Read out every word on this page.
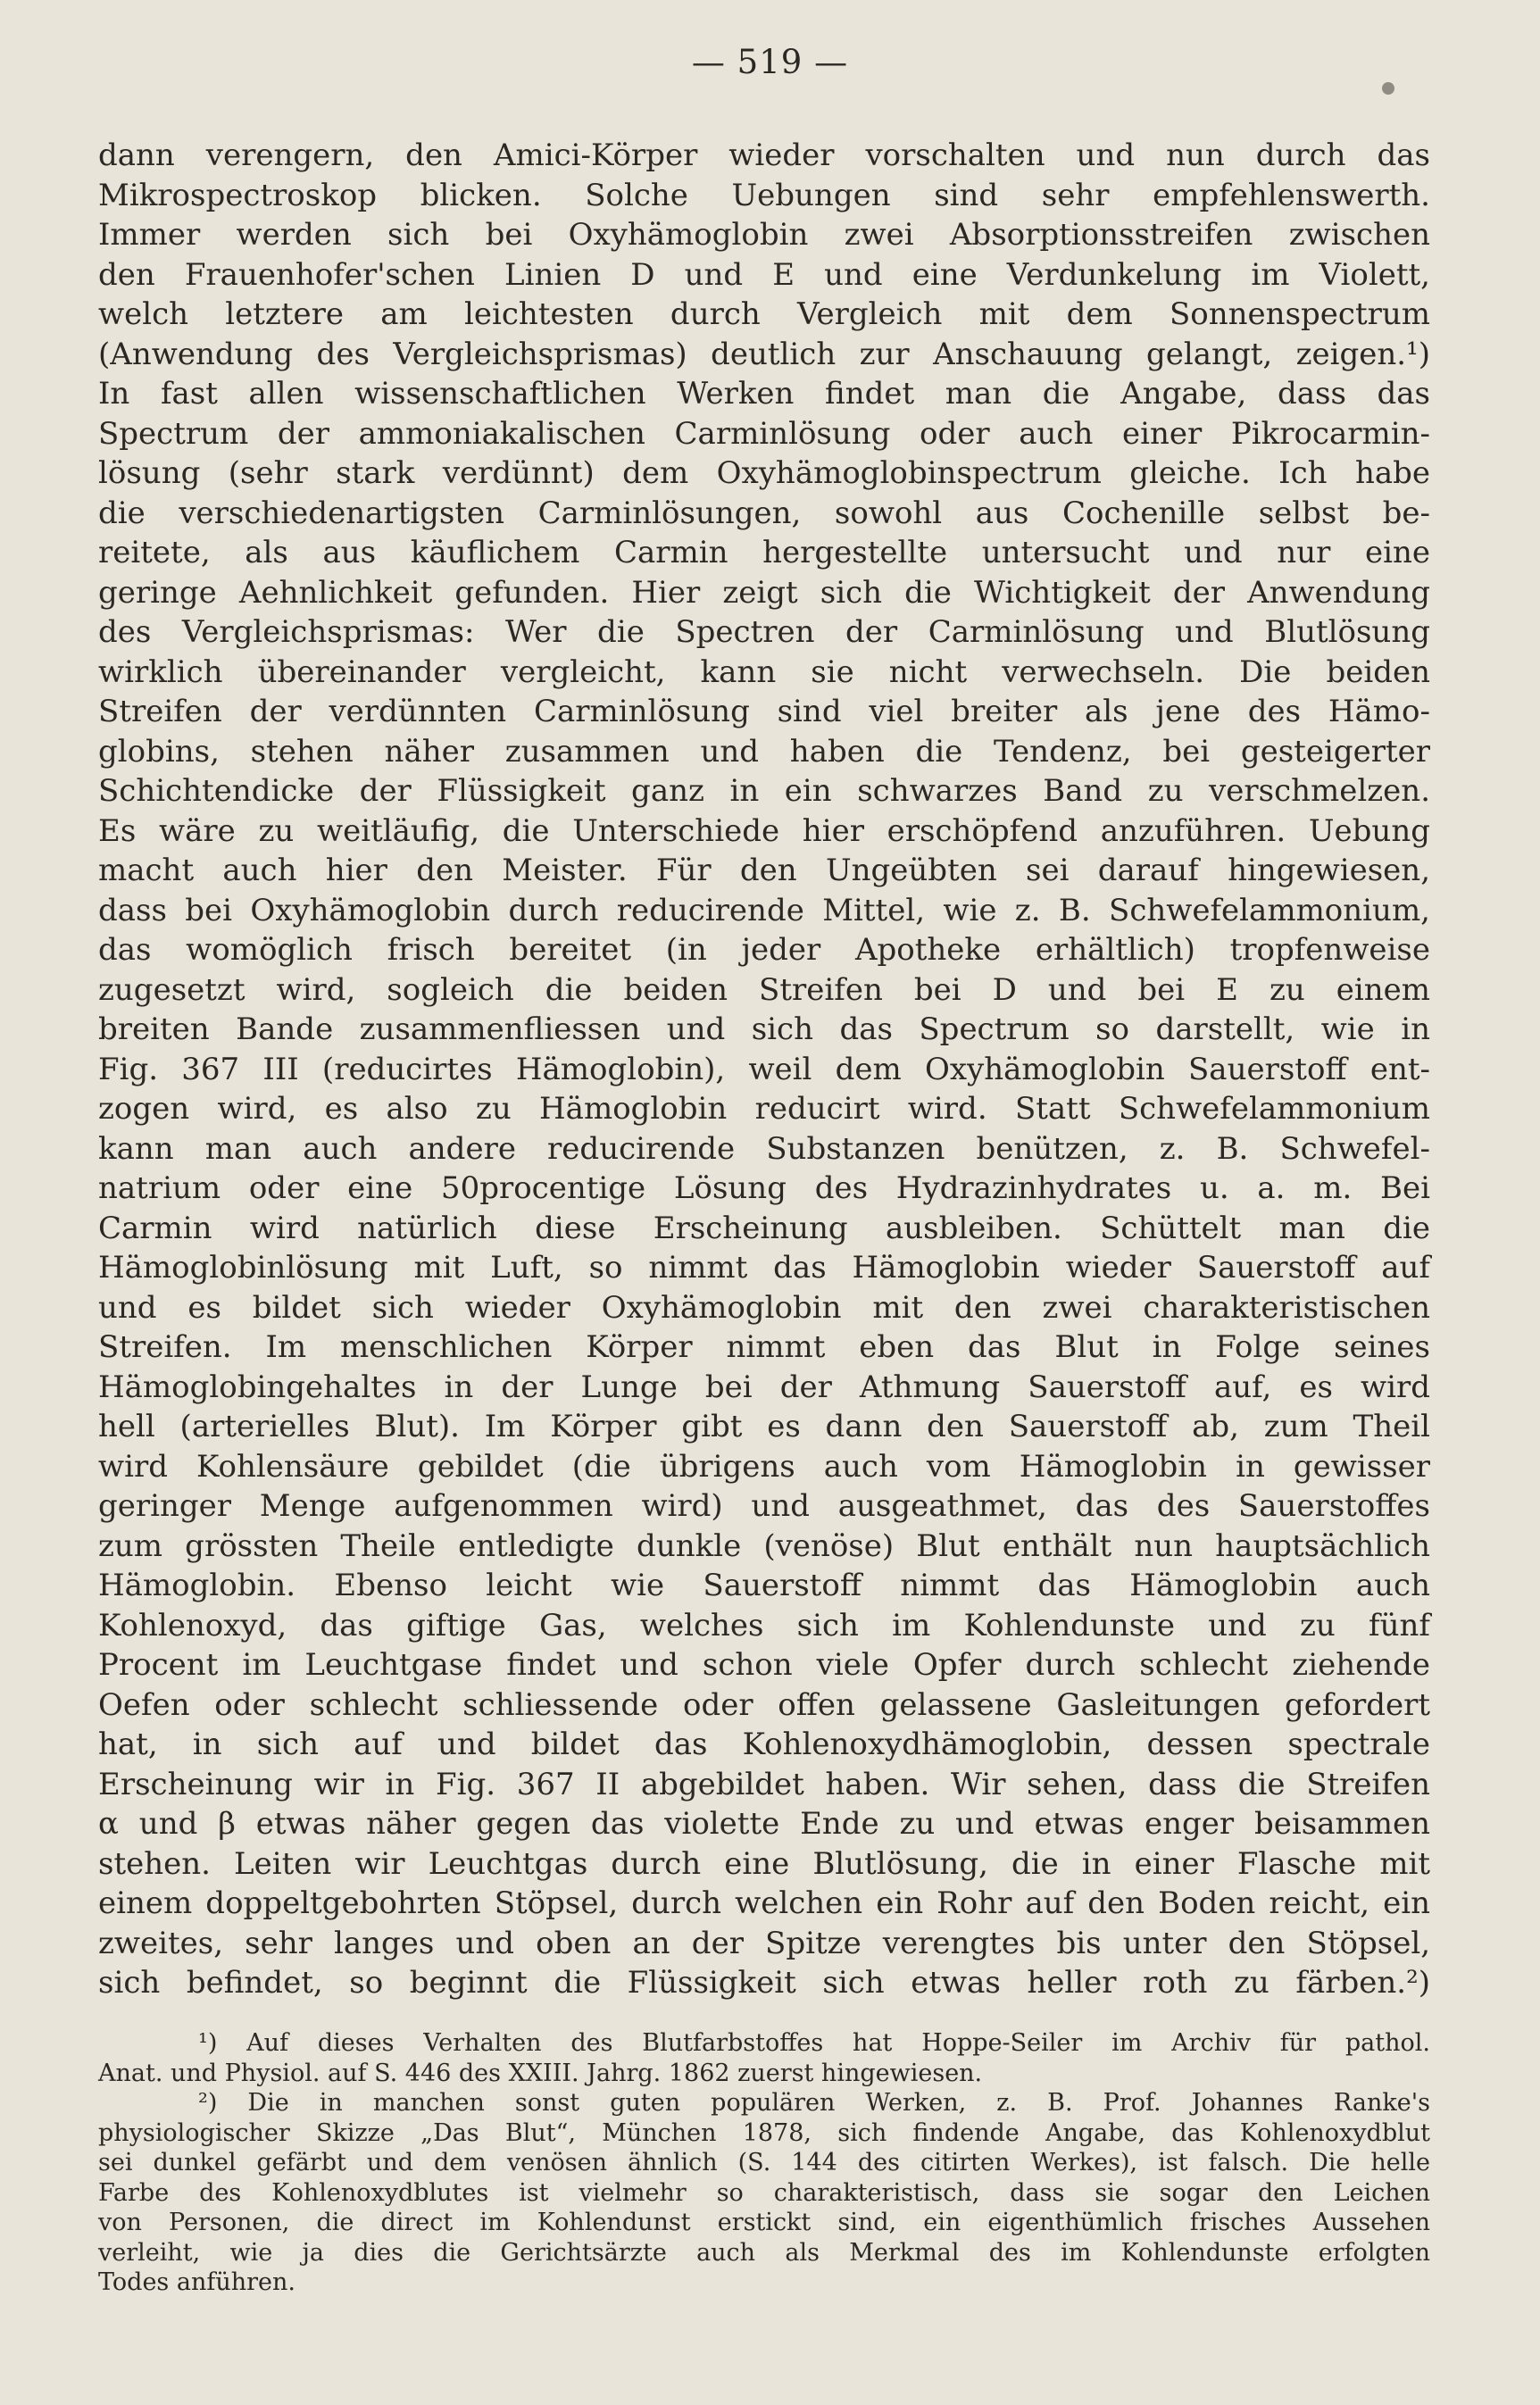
— 519 —
dann verengern, den Amici-Körper wieder vorschalten und nun durch das
Mikrospectroskop blicken. Solche Uebungen sind sehr empfehlenswerth.
Immer werden sich bei Oxyhämoglobin zwei Absorptionsstreifen zwischen
den Frauenhofer'schen Linien D und E und eine Verdunkelung im Violett,
welch letztere am leichtesten durch Vergleich mit dem Sonnenspectrum
(Anwendung des Vergleichsprismas) deutlich zur Anschauung gelangt, zeigen.¹)
In fast allen wissenschaftlichen Werken findet man die Angabe, dass das
Spectrum der ammoniakalischen Carminlösung oder auch einer Pikrocarmin-
lösung (sehr stark verdünnt) dem Oxyhämoglobinspectrum gleiche. Ich habe
die verschiedenartigsten Carminlösungen, sowohl aus Cochenille selbst be-
reitete, als aus käuflichem Carmin hergestellte untersucht und nur eine
geringe Aehnlichkeit gefunden. Hier zeigt sich die Wichtigkeit der Anwendung
des Vergleichsprismas: Wer die Spectren der Carminlösung und Blutlösung
wirklich übereinander vergleicht, kann sie nicht verwechseln. Die beiden
Streifen der verdünnten Carminlösung sind viel breiter als jene des Hämo-
globins, stehen näher zusammen und haben die Tendenz, bei gesteigerter
Schichtendicke der Flüssigkeit ganz in ein schwarzes Band zu verschmelzen.
Es wäre zu weitläufig, die Unterschiede hier erschöpfend anzuführen. Uebung
macht auch hier den Meister. Für den Ungeübten sei darauf hingewiesen,
dass bei Oxyhämoglobin durch reducirende Mittel, wie z. B. Schwefelammonium,
das womöglich frisch bereitet (in jeder Apotheke erhältlich) tropfenweise
zugesetzt wird, sogleich die beiden Streifen bei D und bei E zu einem
breiten Bande zusammenfliessen und sich das Spectrum so darstellt, wie in
Fig. 367 III (reducirtes Hämoglobin), weil dem Oxyhämoglobin Sauerstoff ent-
zogen wird, es also zu Hämoglobin reducirt wird. Statt Schwefelammonium
kann man auch andere reducirende Substanzen benützen, z. B. Schwefel-
natrium oder eine 50procentige Lösung des Hydrazinhydrates u. a. m. Bei
Carmin wird natürlich diese Erscheinung ausbleiben. Schüttelt man die
Hämoglobinlösung mit Luft, so nimmt das Hämoglobin wieder Sauerstoff auf
und es bildet sich wieder Oxyhämoglobin mit den zwei charakteristischen
Streifen. Im menschlichen Körper nimmt eben das Blut in Folge seines
Hämoglobingehaltes in der Lunge bei der Athmung Sauerstoff auf, es wird
hell (arterielles Blut). Im Körper gibt es dann den Sauerstoff ab, zum Theil
wird Kohlensäure gebildet (die übrigens auch vom Hämoglobin in gewisser
geringer Menge aufgenommen wird) und ausgeathmet, das des Sauerstoffes
zum grössten Theile entledigte dunkle (venöse) Blut enthält nun hauptsächlich
Hämoglobin. Ebenso leicht wie Sauerstoff nimmt das Hämoglobin auch
Kohlenoxyd, das giftige Gas, welches sich im Kohlendunste und zu fünf
Procent im Leuchtgase findet und schon viele Opfer durch schlecht ziehende
Oefen oder schlecht schliessende oder offen gelassene Gasleitungen gefordert
hat, in sich auf und bildet das Kohlenoxydhämoglobin, dessen spectrale
Erscheinung wir in Fig. 367 II abgebildet haben. Wir sehen, dass die Streifen
α und β etwas näher gegen das violette Ende zu und etwas enger beisammen
stehen. Leiten wir Leuchtgas durch eine Blutlösung, die in einer Flasche mit
einem doppeltgebohrten Stöpsel, durch welchen ein Rohr auf den Boden reicht, ein
zweites, sehr langes und oben an der Spitze verengtes bis unter den Stöpsel,
sich befindet, so beginnt die Flüssigkeit sich etwas heller roth zu färben.²)
¹) Auf dieses Verhalten des Blutfarbstoffes hat Hoppe-Seiler im Archiv für pathol.
Anat. und Physiol. auf S. 446 des XXIII. Jahrg. 1862 zuerst hingewiesen.
²) Die in manchen sonst guten populären Werken, z. B. Prof. Johannes Ranke's
physiologischer Skizze „Das Blut“, München 1878, sich findende Angabe, das Kohlenoxydblut
sei dunkel gefärbt und dem venösen ähnlich (S. 144 des citirten Werkes), ist falsch. Die helle
Farbe des Kohlenoxydblutes ist vielmehr so charakteristisch, dass sie sogar den Leichen
von Personen, die direct im Kohlendunst erstickt sind, ein eigenthümlich frisches Aussehen
verleiht, wie ja dies die Gerichtsärzte auch als Merkmal des im Kohlendunste erfolgten
Todes anführen.
